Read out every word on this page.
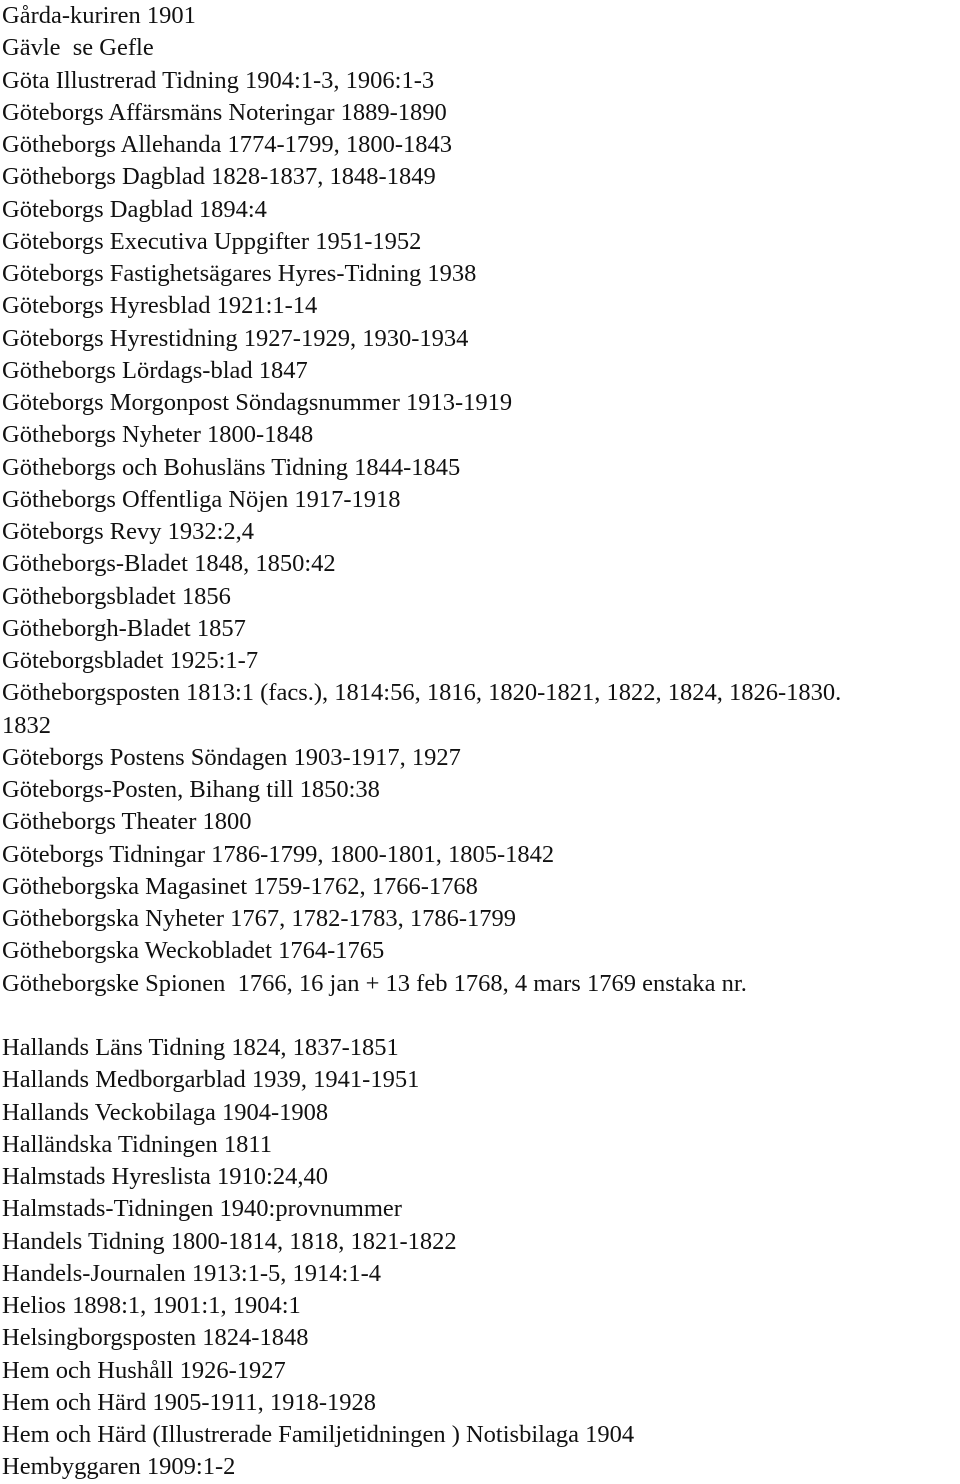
Gårda-kuriren 1901
Gävle  se Gefle
Göta Illustrerad Tidning 1904:1-3, 1906:1-3
Göteborgs Affärsmäns Noteringar 1889-1890
Götheborgs Allehanda 1774-1799, 1800-1843
Götheborgs Dagblad 1828-1837, 1848-1849
Göteborgs Dagblad 1894:4
Göteborgs Executiva Uppgifter 1951-1952
Göteborgs Fastighetsägares Hyres-Tidning 1938
Göteborgs Hyresblad 1921:1-14
Göteborgs Hyrestidning 1927-1929, 1930-1934
Götheborgs Lördags-blad 1847
Göteborgs Morgonpost Söndagsnummer 1913-1919
Götheborgs Nyheter 1800-1848
Götheborgs och Bohusläns Tidning 1844-1845
Götheborgs Offentliga Nöjen 1917-1918
Göteborgs Revy 1932:2,4
Götheborgs-Bladet 1848, 1850:42
Götheborgsbladet 1856
Götheborgh-Bladet 1857
Göteborgsbladet 1925:1-7
Götheborgsposten 1813:1 (facs.), 1814:56, 1816, 1820-1821, 1822, 1824, 1826-1830.
1832
Göteborgs Postens Söndagen 1903-1917, 1927
Göteborgs-Posten, Bihang till 1850:38
Götheborgs Theater 1800
Göteborgs Tidningar 1786-1799, 1800-1801, 1805-1842
Götheborgska Magasinet 1759-1762, 1766-1768
Götheborgska Nyheter 1767, 1782-1783, 1786-1799
Götheborgska Weckobladet 1764-1765
Götheborgske Spionen  1766, 16 jan + 13 feb 1768, 4 mars 1769 enstaka nr.
Hallands Läns Tidning 1824, 1837-1851
Hallands Medborgarblad 1939, 1941-1951
Hallands Veckobilaga 1904-1908
Halländska Tidningen 1811
Halmstads Hyreslista 1910:24,40
Halmstads-Tidningen 1940:provnummer
Handels Tidning 1800-1814, 1818, 1821-1822
Handels-Journalen 1913:1-5, 1914:1-4
Helios 1898:1, 1901:1, 1904:1
Helsingborgsposten 1824-1848
Hem och Hushåll 1926-1927
Hem och Härd 1905-1911, 1918-1928
Hem och Härd (Illustrerade Familjetidningen ) Notisbilaga 1904
Hembyggaren 1909:1-2
